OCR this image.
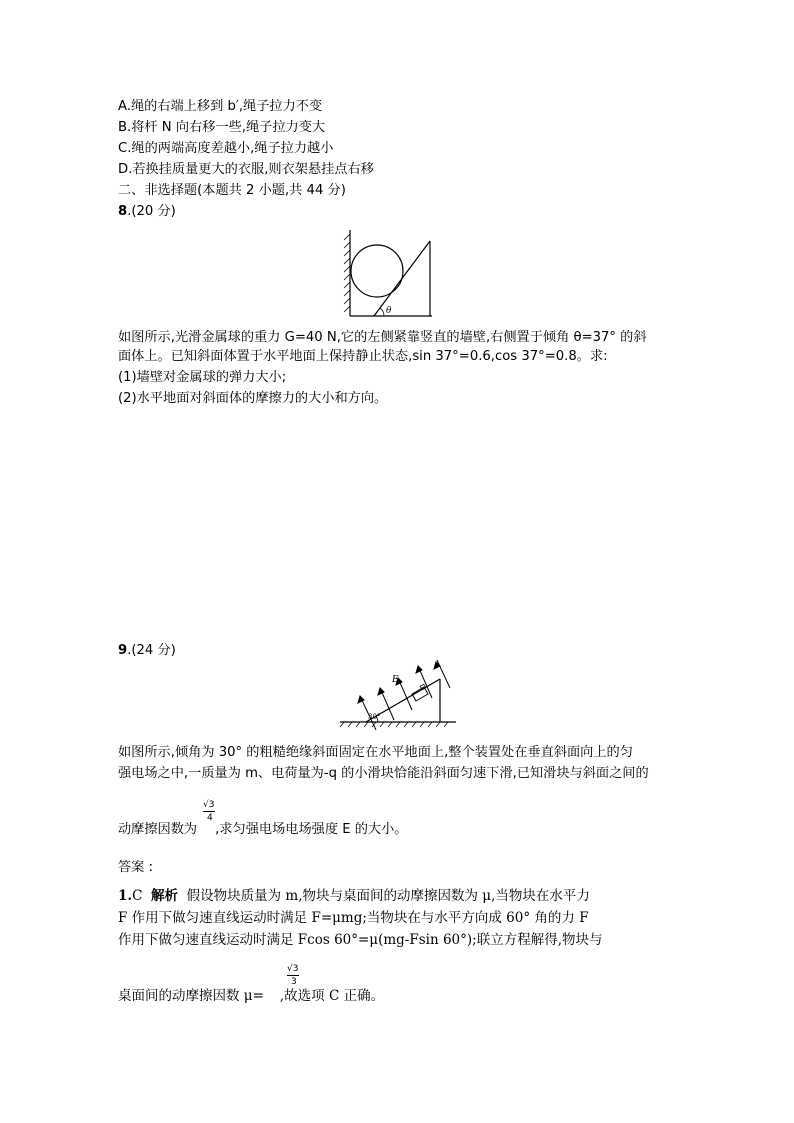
A.绳的右端上移到 b′,绳子拉力不变
B.将杆 N 向右移一些,绳子拉力变大
C.绳的两端高度差越小,绳子拉力越小
D.若换挂质量更大的衣服,则衣架悬挂点右移
二、非选择题(本题共 2 小题,共 44 分)
8.(20 分)
θ
如图所示,光滑金属球的重力 G=40 N,它的左侧紧靠竖直的墙壁,右侧置于倾角 θ=37° 的斜
面体上。已知斜面体置于水平地面上保持静止状态,sin 37°=0.6,cos 37°=0.8。求:
(1)墙壁对金属球的弹力大小;
(2)水平地面对斜面体的摩擦力的大小和方向。
9.(24 分)
E
30°
如图所示,倾角为 30° 的粗糙绝缘斜面固定在水平地面上,整个装置处在垂直斜面向上的匀
强电场之中,一质量为 m、电荷量为-q 的小滑块恰能沿斜面匀速下滑,已知滑块与斜面之间的
√3
4
动摩擦因数为 ,求匀强电场电场强度 E 的大小。
答案 :
1.C 解析 假设物块质量为 m,物块与桌面间的动摩擦因数为 μ,当物块在水平力
F 作用下做匀速直线运动时满足 F=μmg;当物块在与水平方向成 60° 角的力 F
作用下做匀速直线运动时满足 Fcos 60°=μ(mg-Fsin 60°);联立方程解得,物块与
√3
3
桌面间的动摩擦因数 μ= ,故选项 C 正确。
